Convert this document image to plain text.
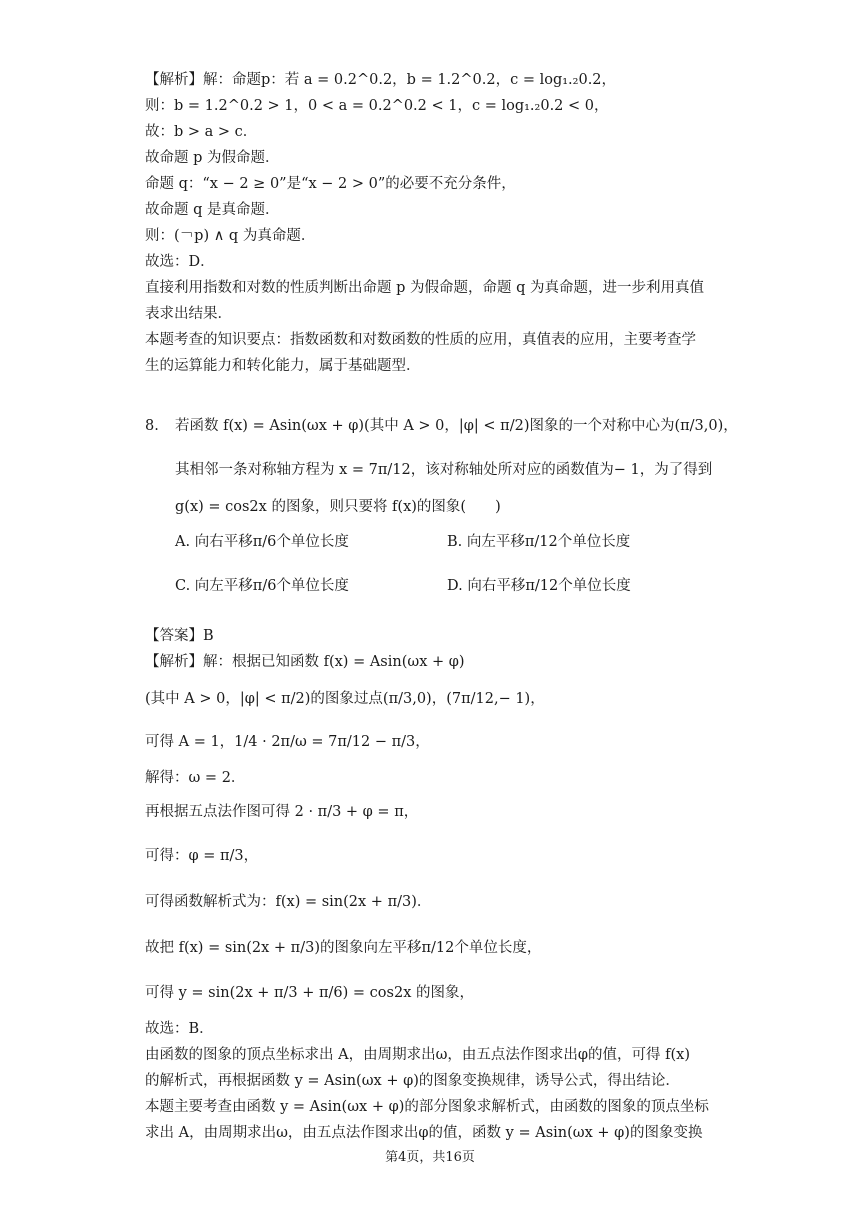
【解析】解：命题p：若 a = 0.2^0.2，b = 1.2^0.2，c = log₁.₂0.2，
则：b = 1.2^0.2 > 1，0 < a = 0.2^0.2 < 1，c = log₁.₂0.2 < 0，
故：b > a > c．
故命题 p 为假命题．
命题 q：“x − 2 ≥ 0”是“x − 2 > 0”的必要不充分条件，
故命题 q 是真命题．
则：(￢p) ∧ q 为真命题．
故选：D．
直接利用指数和对数的性质判断出命题 p 为假命题，命题 q 为真命题，进一步利用真值
表求出结果．
本题考查的知识要点：指数函数和对数函数的性质的应用，真值表的应用，主要考查学
生的运算能力和转化能力，属于基础题型．
8. 若函数 f(x) = Asin(ωx + φ)(其中 A > 0，|φ| < π/2)图象的一个对称中心为(π/3,0)，
其相邻一条对称轴方程为 x = 7π/12，该对称轴处所对应的函数值为− 1，为了得到
g(x) = cos2x 的图象，则只要将 f(x)的图象(　　)
A. 向右平移π/6个单位长度	B. 向左平移π/12个单位长度
C. 向左平移π/6个单位长度	D. 向右平移π/12个单位长度
【答案】B
【解析】解：根据已知函数 f(x) = Asin(ωx + φ)
(其中 A > 0，|φ| < π/2)的图象过点(π/3,0)，(7π/12,− 1)，
可得 A = 1，1/4 · 2π/ω = 7π/12 − π/3，
解得：ω = 2．
再根据五点法作图可得 2 · π/3 + φ = π，
可得：φ = π/3，
可得函数解析式为：f(x) = sin(2x + π/3)．
故把 f(x) = sin(2x + π/3)的图象向左平移π/12个单位长度，
可得 y = sin(2x + π/3 + π/6) = cos2x 的图象，
故选：B．
由函数的图象的顶点坐标求出 A，由周期求出ω，由五点法作图求出φ的值，可得 f(x)
的解析式，再根据函数 y = Asin(ωx + φ)的图象变换规律，诱导公式，得出结论．
本题主要考查由函数 y = Asin(ωx + φ)的部分图象求解析式，由函数的图象的顶点坐标
求出 A，由周期求出ω，由五点法作图求出φ的值，函数 y = Asin(ωx + φ)的图象变换
第4页，共16页
